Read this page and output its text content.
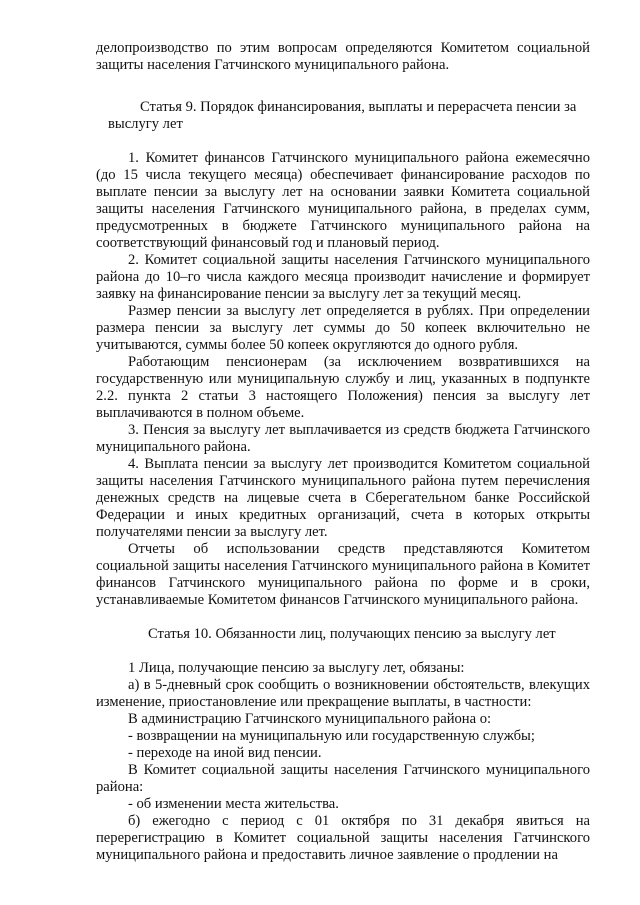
делопроизводство по этим вопросам определяются Комитетом социальной защиты населения Гатчинского муниципального района.

Статья 9. Порядок финансирования, выплаты и перерасчета пенсии за

выслугу лет

1. Комитет финансов Гатчинского муниципального района ежемесячно (до 15 числа текущего месяца) обеспечивает финансирование расходов по выплате пенсии за выслугу лет на основании заявки Комитета социальной защиты населения Гатчинского муниципального района, в пределах сумм, предусмотренных в бюджете Гатчинского муниципального района на соответствующий финансовый год и плановый период.

2. Комитет социальной защиты населения Гатчинского муниципального района до 10–го числа каждого месяца производит начисление и формирует заявку на финансирование пенсии за выслугу лет за текущий месяц.

Размер пенсии за выслугу лет определяется в рублях. При определении размера пенсии за выслугу лет суммы до 50 копеек включительно не учитываются, суммы более 50 копеек округляются до одного рубля.

Работающим пенсионерам (за исключением возвратившихся на государственную или муниципальную службу и лиц, указанных в подпункте 2.2. пункта 2 статьи 3 настоящего Положения) пенсия за выслугу лет выплачиваются в полном объеме.

3. Пенсия за выслугу лет выплачивается из средств бюджета Гатчинского муниципального района.

4. Выплата пенсии за выслугу лет производится Комитетом социальной защиты населения Гатчинского муниципального района путем перечисления денежных средств на лицевые счета в Сберегательном банке Российской Федерации и иных кредитных организаций, счета в которых открыты получателями пенсии за выслугу лет.

Отчеты об использовании средств представляются Комитетом социальной защиты населения Гатчинского муниципального района в Комитет финансов Гатчинского муниципального района по форме и в сроки, устанавливаемые Комитетом финансов Гатчинского муниципального района.

Статья 10. Обязанности лиц, получающих пенсию за выслугу лет

1 Лица, получающие пенсию за выслугу лет, обязаны:

а) в 5-дневный срок сообщить о возникновении обстоятельств, влекущих изменение, приостановление или прекращение выплаты, в частности:

В администрацию Гатчинского муниципального района о:

- возвращении на муниципальную или государственную службы;

- переходе на иной вид пенсии.

В Комитет социальной защиты населения Гатчинского муниципального района:

- об изменении места жительства.

б) ежегодно с период с 01 октября по 31 декабря явиться на перерегистрацию в Комитет социальной защиты населения Гатчинского муниципального района и предоставить личное заявление о продлении на
